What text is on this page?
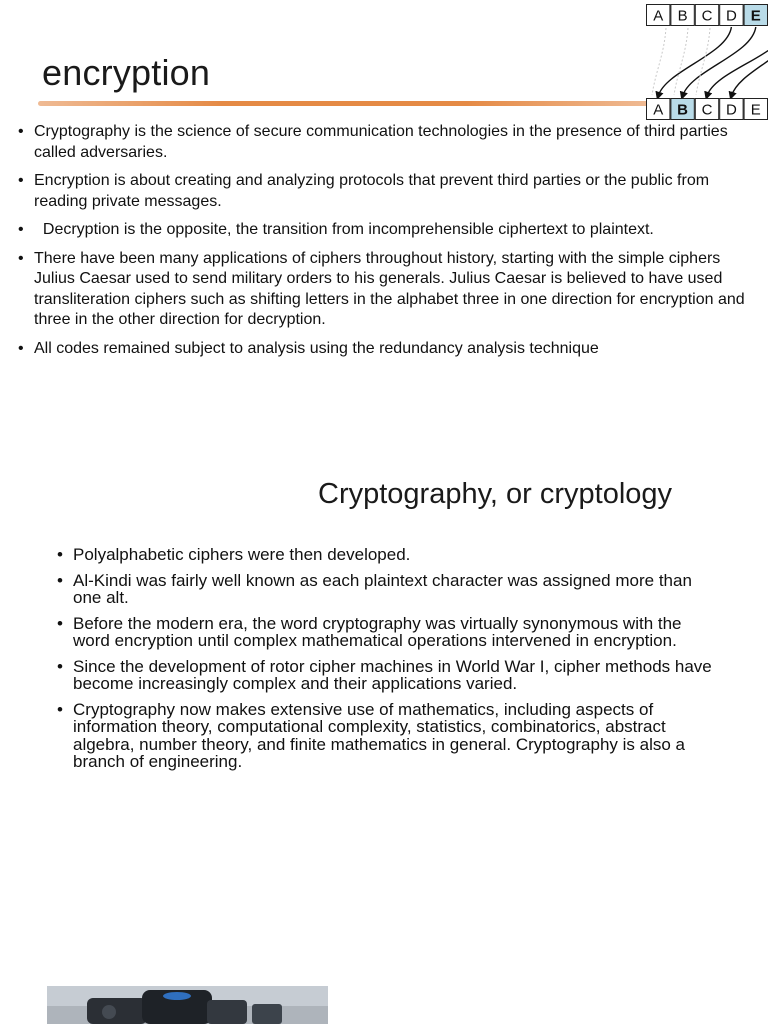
encryption
A B C D E
A B C D E
• Cryptography is the science of secure communication technologies in the presence of third parties called adversaries.
• Encryption is about creating and analyzing protocols that prevent third parties or the public from reading private messages.
•   Decryption is the opposite, the transition from incomprehensible ciphertext to plaintext.
• There have been many applications of ciphers throughout history, starting with the simple ciphers Julius Caesar used to send military orders to his generals. Julius Caesar is believed to have used transliteration ciphers such as shifting letters in the alphabet three in one direction for encryption and three in the other direction for decryption.
• All codes remained subject to analysis using the redundancy analysis technique
Cryptography, or cryptology
• Polyalphabetic ciphers were then developed.
• Al-Kindi was fairly well known as each plaintext character was assigned more than one alt.
• Before the modern era, the word cryptography was virtually synonymous with the word encryption until complex mathematical operations intervened in encryption.
• Since the development of rotor cipher machines in World War I, cipher methods have become increasingly complex and their applications varied.
• Cryptography now makes extensive use of mathematics, including aspects of information theory, computational complexity, statistics, combinatorics, abstract algebra, number theory, and finite mathematics in general. Cryptography is also a branch of engineering.
